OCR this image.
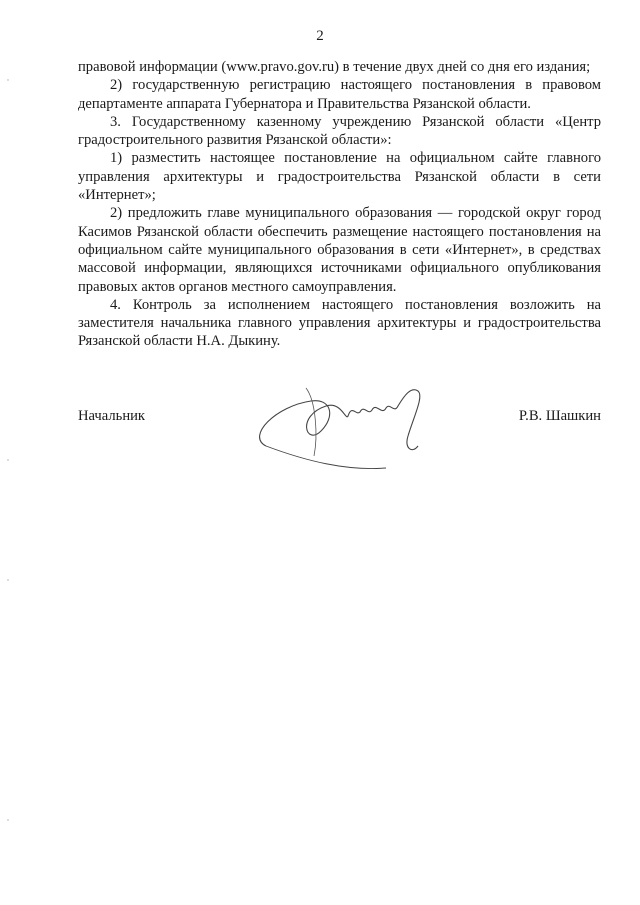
2

правовой информации (www.pravo.gov.ru) в течение двух дней со дня его издания;

2) государственную регистрацию настоящего постановления в правовом департаменте аппарата Губернатора и Правительства Рязанской области.

3. Государственному казенному учреждению Рязанской области «Центр градостроительного развития Рязанской области»:

1) разместить настоящее постановление на официальном сайте главного управления архитектуры и градостроительства Рязанской области в сети «Интернет»;

2) предложить главе муниципального образования — городской округ город Касимов Рязанской области обеспечить размещение настоящего постановления на официальном сайте муниципального образования в сети «Интернет», в средствах массовой информации, являющихся источниками официального опубликования правовых актов органов местного самоуправления.

4. Контроль за исполнением настоящего постановления возложить на заместителя начальника главного управления архитектуры и градостроительства Рязанской области Н.А. Дыкину.

Начальник	Р.В. Шашкин
